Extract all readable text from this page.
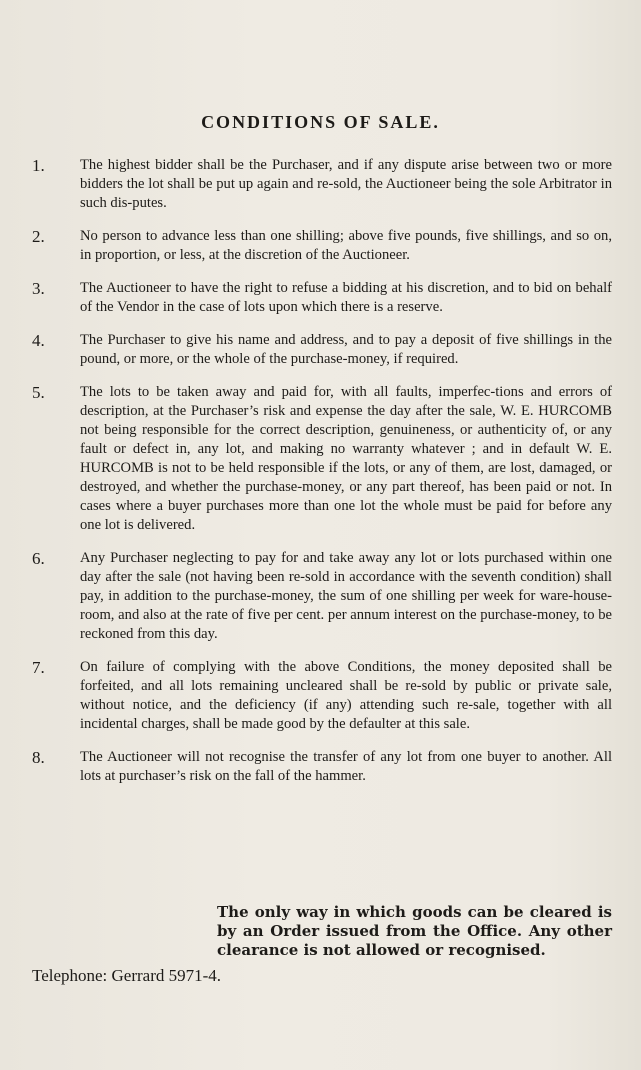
CONDITIONS OF SALE.
1.	The highest bidder shall be the Purchaser, and if any dispute arise between two or more bidders the lot shall be put up again and re-sold, the Auctioneer being the sole Arbitrator in such dis-putes.
2.	No person to advance less than one shilling; above five pounds, five shillings, and so on, in proportion, or less, at the discretion of the Auctioneer.
3.	The Auctioneer to have the right to refuse a bidding at his discretion, and to bid on behalf of the Vendor in the case of lots upon which there is a reserve.
4.	The Purchaser to give his name and address, and to pay a deposit of five shillings in the pound, or more, or the whole of the purchase-money, if required.
5.	The lots to be taken away and paid for, with all faults, imperfec-tions and errors of description, at the Purchaser’s risk and expense the day after the sale, W. E. HURCOMB not being responsible for the correct description, genuineness, or authenticity of, or any fault or defect in, any lot, and making no warranty whatever ; and in default W. E. HURCOMB is not to be held responsible if the lots, or any of them, are lost, damaged, or destroyed, and whether the purchase-money, or any part thereof, has been paid or not. In cases where a buyer purchases more than one lot the whole must be paid for before any one lot is delivered.
6.	Any Purchaser neglecting to pay for and take away any lot or lots purchased within one day after the sale (not having been re-sold in accordance with the seventh condition) shall pay, in addition to the purchase-money, the sum of one shilling per week for ware-house-room, and also at the rate of five per cent. per annum interest on the purchase-money, to be reckoned from this day.
7.	On failure of complying with the above Conditions, the money deposited shall be forfeited, and all lots remaining uncleared shall be re-sold by public or private sale, without notice, and the deficiency (if any) attending such re-sale, together with all incidental charges, shall be made good by the defaulter at this sale.
8.	The Auctioneer will not recognise the transfer of any lot from one buyer to another. All lots at purchaser’s risk on the fall of the hammer.
The only way in which goods can be cleared is by an Order issued from the Office. Any other clearance is not allowed or recognised.
Telephone: Gerrard 5971-4.
